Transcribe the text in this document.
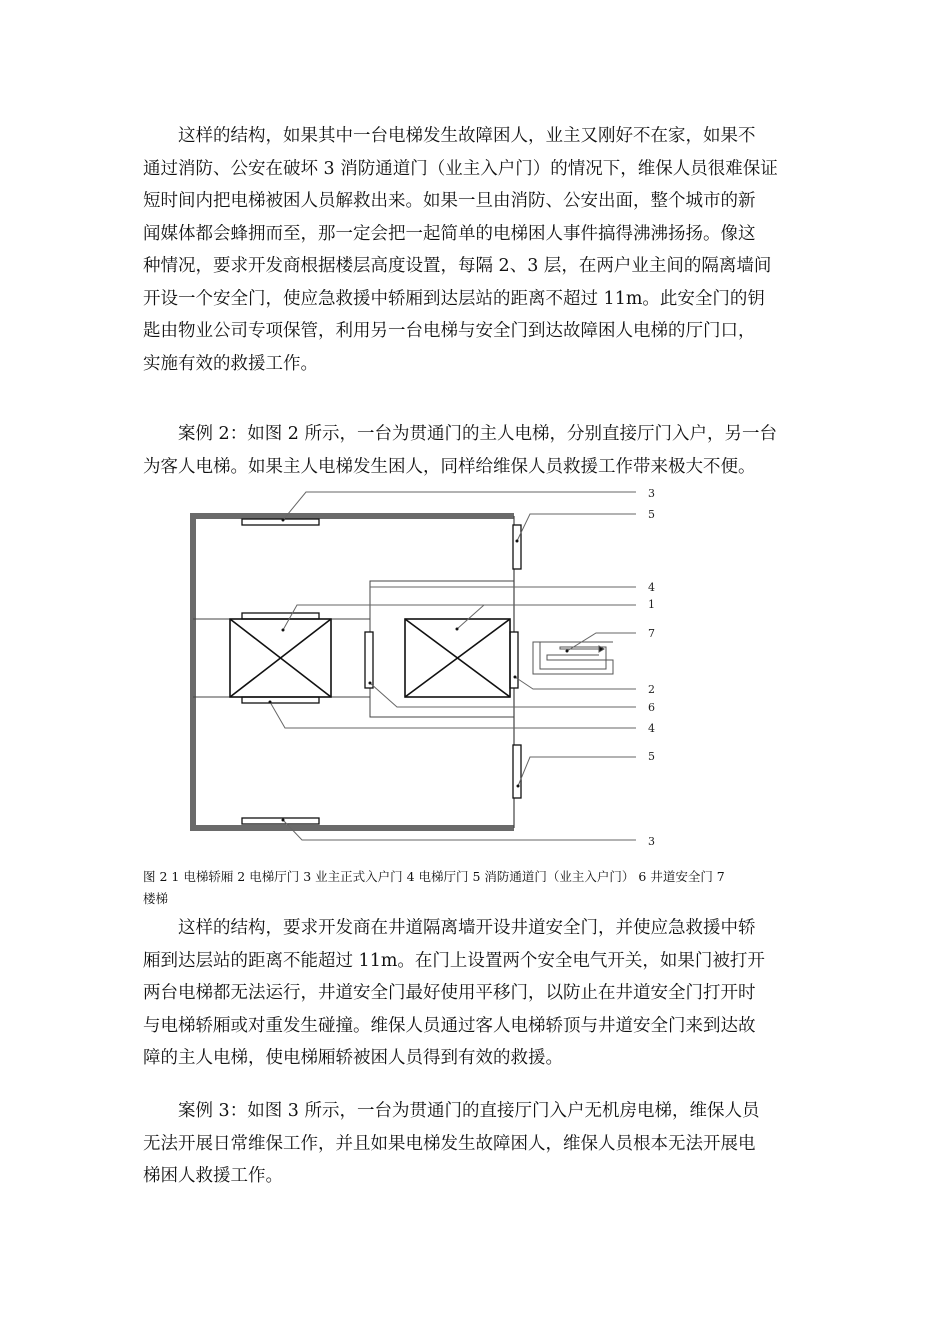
　　这样的结构，如果其中一台电梯发生故障困人，业主又刚好不在家，如果不
通过消防、公安在破坏 3 消防通道门（业主入户门）的情况下，维保人员很难保证
短时间内把电梯被困人员解救出来。如果一旦由消防、公安出面，整个城市的新
闻媒体都会蜂拥而至，那一定会把一起简单的电梯困人事件搞得沸沸扬扬。像这
种情况，要求开发商根据楼层高度设置，每隔 2、3 层，在两户业主间的隔离墙间
开设一个安全门，使应急救援中轿厢到达层站的距离不超过 11m。此安全门的钥
匙由物业公司专项保管，利用另一台电梯与安全门到达故障困人电梯的厅门口，
实施有效的救援工作。
　　案例 2：如图 2 所示，一台为贯通门的主人电梯，分别直接厅门入户，另一台
为客人电梯。如果主人电梯发生困人，同样给维保人员救援工作带来极大不便。
3
5
4
1
7
2
6
4
5
3
图 2 1 电梯轿厢 2 电梯厅门 3 业主正式入户门 4 电梯厅门 5 消防通道门（业主入户门） 6 井道安全门 7
楼梯
　　这样的结构，要求开发商在井道隔离墙开设井道安全门，并使应急救援中轿
厢到达层站的距离不能超过 11m。在门上设置两个安全电气开关，如果门被打开
两台电梯都无法运行，井道安全门最好使用平移门，以防止在井道安全门打开时
与电梯轿厢或对重发生碰撞。维保人员通过客人电梯轿顶与井道安全门来到达故
障的主人电梯，使电梯厢轿被困人员得到有效的救援。
　　案例 3：如图 3 所示，一台为贯通门的直接厅门入户无机房电梯，维保人员
无法开展日常维保工作，并且如果电梯发生故障困人，维保人员根本无法开展电
梯困人救援工作。
